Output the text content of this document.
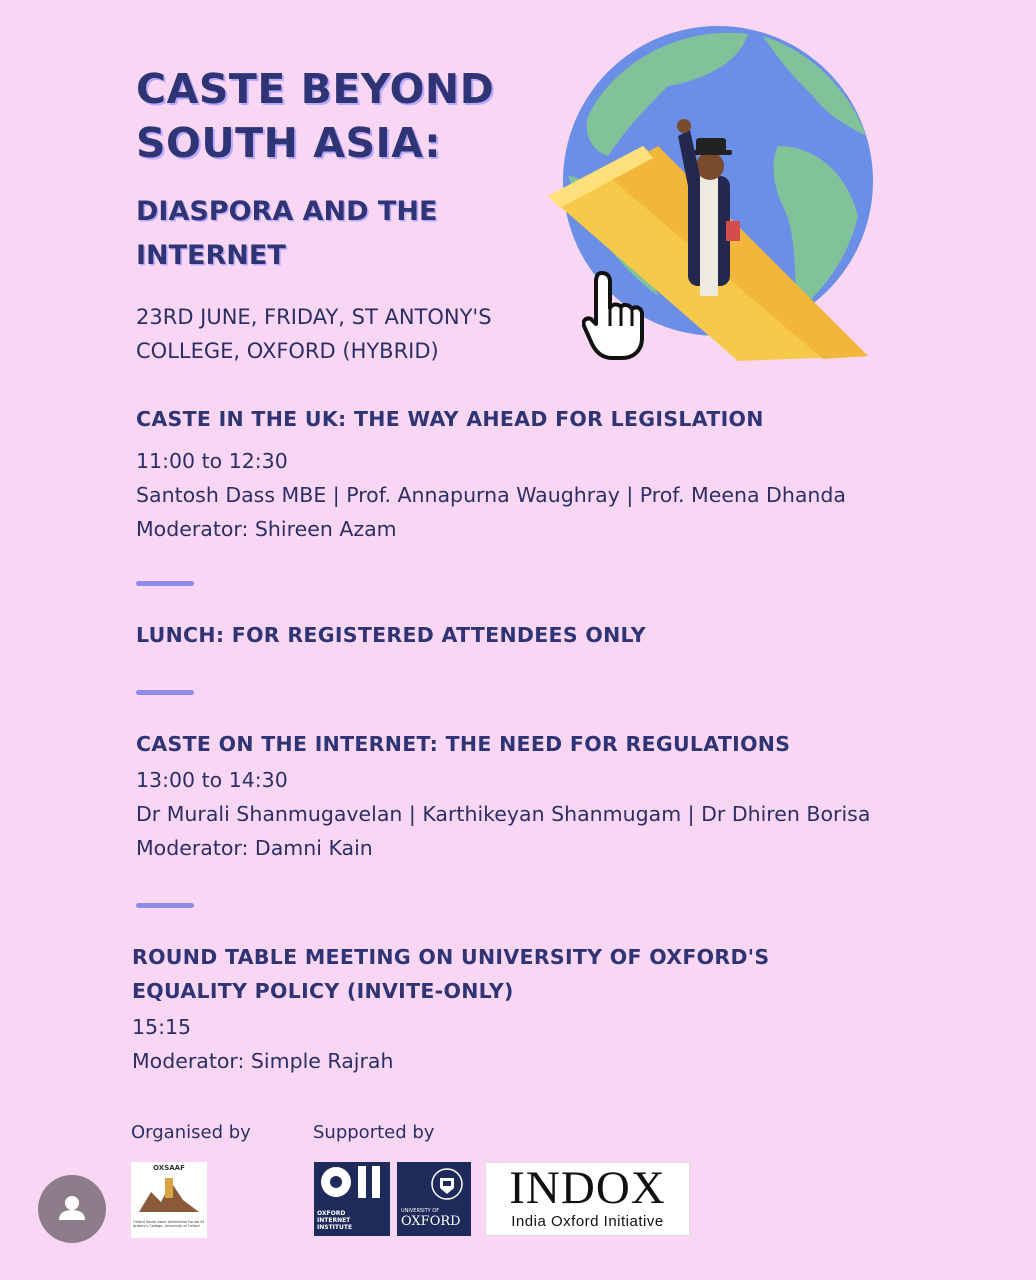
CASTE BEYOND
SOUTH ASIA:
DIASPORA AND THE
INTERNET
23RD JUNE, FRIDAY, ST ANTONY'S
COLLEGE, OXFORD (HYBRID)
CASTE IN THE UK: THE WAY AHEAD FOR LEGISLATION
11:00 to 12:30
Santosh Dass MBE | Prof. Annapurna Waughray | Prof. Meena Dhanda
Moderator: Shireen Azam
LUNCH: FOR REGISTERED ATTENDEES ONLY
CASTE ON THE INTERNET: THE NEED FOR REGULATIONS
13:00 to 14:30
Dr Murali Shanmugavelan | Karthikeyan Shanmugam | Dr Dhiren Borisa
Moderator: Damni Kain
ROUND TABLE MEETING ON UNIVERSITY OF OXFORD'S
EQUALITY POLICY (INVITE-ONLY)
15:15
Moderator: Simple Rajrah
Organised by	Supported by
OXSAAF
Oxford South Asian Alternative Forum St Antony's College, University of Oxford
OXFORD
INTERNET
INSTITUTE
UNIVERSITY OF
OXFORD
INDOX
India Oxford Initiative
